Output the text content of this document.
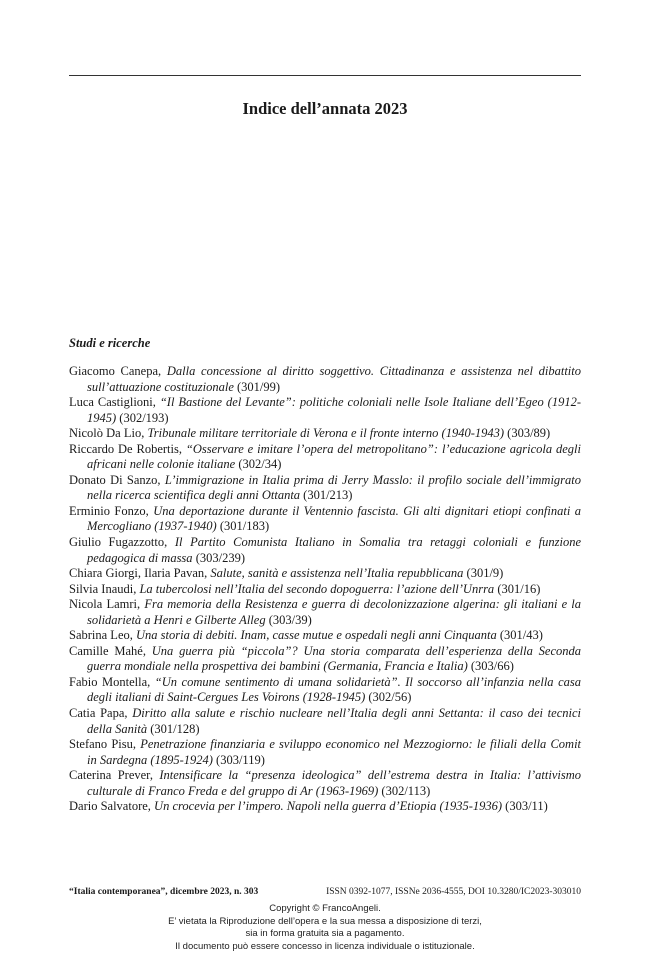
Indice dell’annata 2023
Studi e ricerche
Giacomo Canepa, Dalla concessione al diritto soggettivo. Cittadinanza e assistenza nel dibattito sull’attuazione costituzionale (301/99)
Luca Castiglioni, “Il Bastione del Levante”: politiche coloniali nelle Isole Italiane dell’Egeo (1912-1945) (302/193)
Nicolò Da Lio, Tribunale militare territoriale di Verona e il fronte interno (1940-1943) (303/89)
Riccardo De Robertis, “Osservare e imitare l’opera del metropolitano”: l’educazione agricola degli africani nelle colonie italiane (302/34)
Donato Di Sanzo, L’immigrazione in Italia prima di Jerry Masslo: il profilo sociale dell’immigrato nella ricerca scientifica degli anni Ottanta (301/213)
Erminio Fonzo, Una deportazione durante il Ventennio fascista. Gli alti dignitari etiopi confinati a Mercogliano (1937-1940) (301/183)
Giulio Fugazzotto, Il Partito Comunista Italiano in Somalia tra retaggi coloniali e funzione pedagogica di massa (303/239)
Chiara Giorgi, Ilaria Pavan, Salute, sanità e assistenza nell’Italia repubblicana (301/9)
Silvia Inaudi, La tubercolosi nell’Italia del secondo dopoguerra: l’azione dell’Unrra (301/16)
Nicola Lamri, Fra memoria della Resistenza e guerra di decolonizzazione algerina: gli italiani e la solidarietà a Henri e Gilberte Alleg (303/39)
Sabrina Leo, Una storia di debiti. Inam, casse mutue e ospedali negli anni Cinquanta (301/43)
Camille Mahé, Una guerra più “piccola”? Una storia comparata dell’esperienza della Seconda guerra mondiale nella prospettiva dei bambini (Germania, Francia e Italia) (303/66)
Fabio Montella, “Un comune sentimento di umana solidarietà”. Il soccorso all’infanzia nella casa degli italiani di Saint-Cergues Les Voirons (1928-1945) (302/56)
Catia Papa, Diritto alla salute e rischio nucleare nell’Italia degli anni Settanta: il caso dei tecnici della Sanità (301/128)
Stefano Pisu, Penetrazione finanziaria e sviluppo economico nel Mezzogiorno: le filiali della Comit in Sardegna (1895-1924) (303/119)
Caterina Prever, Intensificare la “presenza ideologica” dell’estrema destra in Italia: l’attivismo culturale di Franco Freda e del gruppo di Ar (1963-1969) (302/113)
Dario Salvatore, Un crocevia per l’impero. Napoli nella guerra d’Etiopia (1935-1936) (303/11)
“Italia contemporanea”, dicembre 2023, n. 303	ISSN 0392-1077, ISSNe 2036-4555, DOI 10.3280/IC2023-303010
Copyright © FrancoAngeli.
E’ vietata la Riproduzione dell’opera e la sua messa a disposizione di terzi,
sia in forma gratuita sia a pagamento.
Il documento può essere concesso in licenza individuale o istituzionale.
